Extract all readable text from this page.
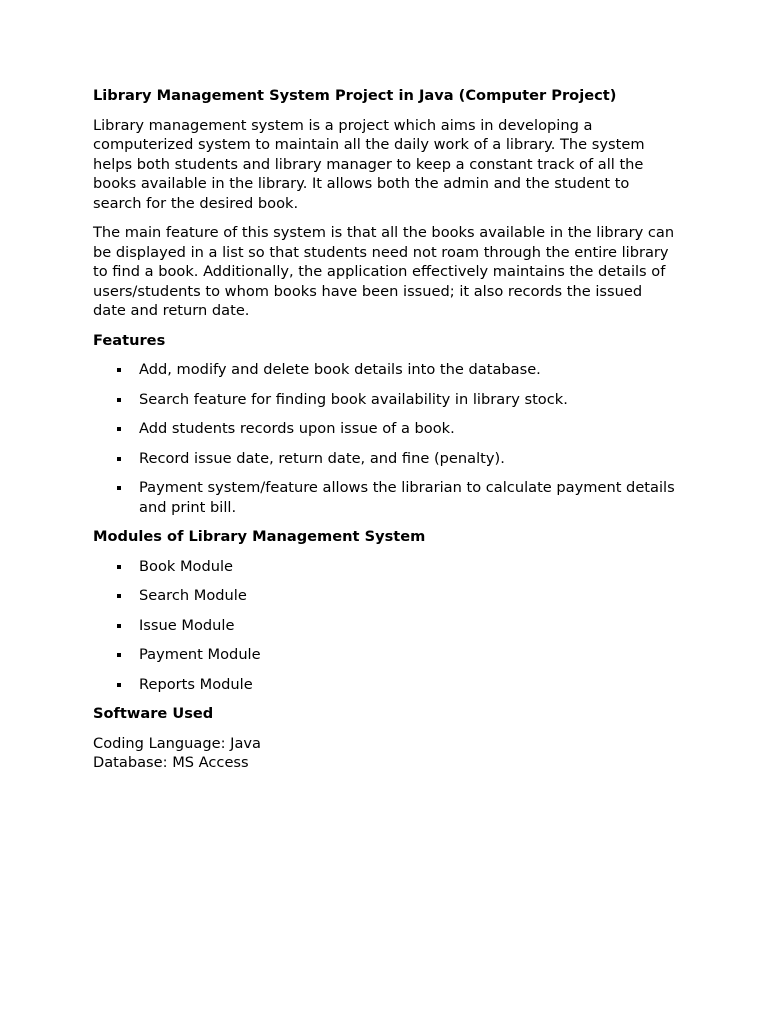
Library Management System Project in Java (Computer Project)

Library management system is a project which aims in developing a computerized system to maintain all the daily work of a library. The system helps both students and library manager to keep a constant track of all the books available in the library. It allows both the admin and the student to search for the desired book.

The main feature of this system is that all the books available in the library can be displayed in a list so that students need not roam through the entire library to find a book. Additionally, the application effectively maintains the details of users/students to whom books have been issued; it also records the issued date and return date.

Features

Add, modify and delete book details into the database.
Search feature for finding book availability in library stock.
Add students records upon issue of a book.
Record issue date, return date, and fine (penalty).
Payment system/feature allows the librarian to calculate payment details and print bill.

Modules of Library Management System

Book Module
Search Module
Issue Module
Payment Module
Reports Module

Software Used

Coding Language: Java

Database: MS Access
